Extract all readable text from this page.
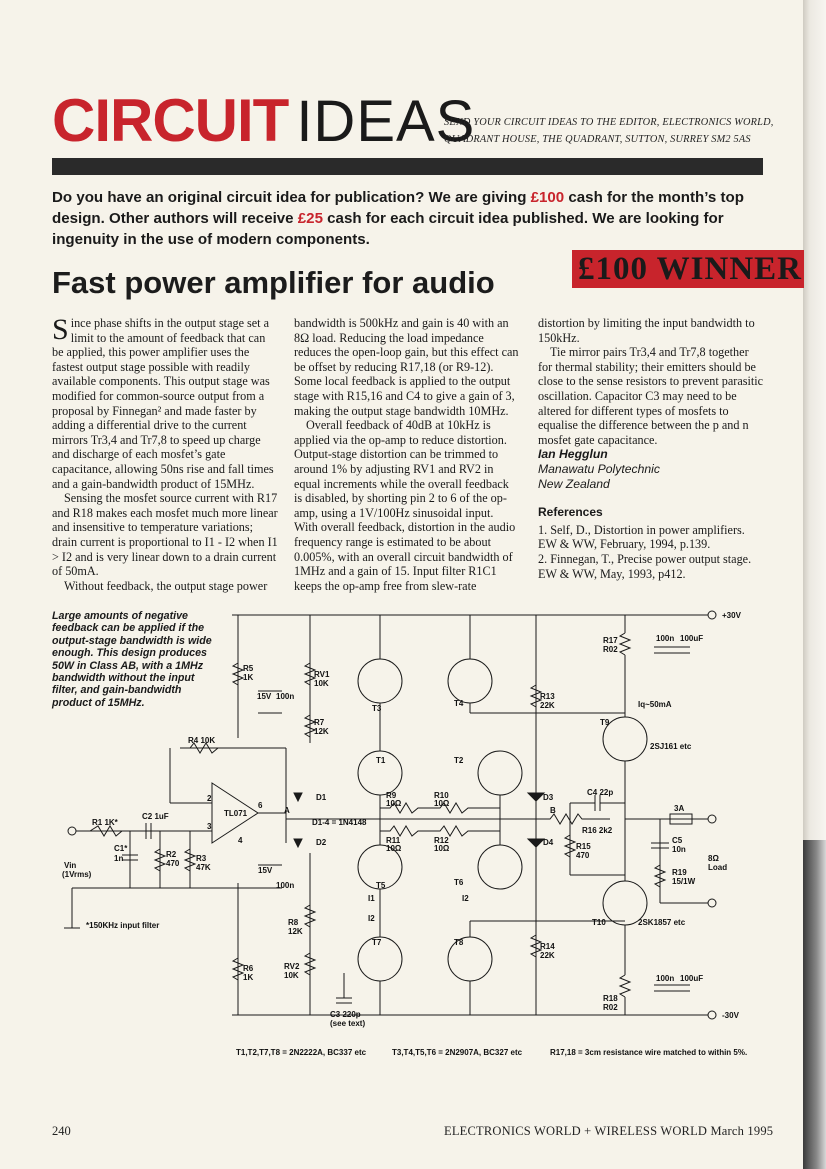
CIRCUIT IDEAS
SEND YOUR CIRCUIT IDEAS TO THE EDITOR, ELECTRONICS WORLD,
QUADRANT HOUSE, THE QUADRANT, SUTTON, SURREY SM2 5AS
Do you have an original circuit idea for publication? We are giving £100 cash for the month’s top design. Other authors will receive £25 cash for each circuit idea published. We are looking for ingenuity in the use of modern components.
£100 WINNER
Fast power amplifier for audio

Since phase shifts in the output stage set a limit to the amount of feedback that can be applied, this power amplifier uses the fastest output stage possible with readily available components. This output stage was modified for common-source output from a proposal by Finnegan² and made faster by adding a differential drive to the current mirrors Tr3,4 and Tr7,8 to speed up charge and discharge of each mosfet’s gate capacitance, allowing 50ns rise and fall times and a gain-bandwidth product of 15MHz.

Sensing the mosfet source current with R17 and R18 makes each mosfet much more linear and insensitive to temperature variations; drain current is proportional to I1 - I2 when I1 > I2 and is very linear down to a drain current of 50mA.

Without feedback, the output stage power

bandwidth is 500kHz and gain is 40 with an 8Ω load. Reducing the load impedance reduces the open-loop gain, but this effect can be offset by reducing R17,18 (or R9-12). Some local feedback is applied to the output stage with R15,16 and C4 to give a gain of 3, making the output stage bandwidth 10MHz.

Overall feedback of 40dB at 10kHz is applied via the op-amp to reduce distortion. Output-stage distortion can be trimmed to around 1% by adjusting RV1 and RV2 in equal increments while the overall feedback is disabled, by shorting pin 2 to 6 of the op-amp, using a 1V/100Hz sinusoidal input. With overall feedback, distortion in the audio frequency range is estimated to be about 0.005%, with an overall circuit bandwidth of 1MHz and a gain of 15. Input filter R1C1 keeps the op-amp free from slew-rate

distortion by limiting the input bandwidth to 150kHz.

Tie mirror pairs Tr3,4 and Tr7,8 together for thermal stability; their emitters should be close to the sense resistors to prevent parasitic oscillation. Capacitor C3 may need to be altered for different types of mosfets to equalise the difference between the p and n mosfet gate capacitance.

Ian Hegglun
Manawatu Polytechnic
New Zealand
References
1. Self, D., Distortion in power amplifiers. EW & WW, February, 1994, p.139.
2. Finnegan, T., Precise power output stage. EW & WW, May, 1993, p412.
+30V
-30V
R17
R02
100n 100uF
R5
1K	RV1
10K
15V 100n
R7
12K
T3
T4
R13
22K	Iq~50mA
T9
2SJ161 etc
R4 10K
T1	T2
D1	D3
C4 22p
R9
10Ω
R10
10Ω
A	B	3A
D1-4 = 1N4148
R16 2k2
C5
10n
8Ω
Load
TL071
2
3
4
6
R1 1K*
C2 1uF
D2	D4
R11
10Ω
R12
10Ω	R15
470
R19
15/1W
Vin
(1Vrms)
C1*
1n	R2
470
R3
47K	15V
100n	T5	T6
I1	I2
I2	T10	2SK1857 etc
*150KHz input filter	R8
12K
T7	T8	R14
22K
R6
1K
RV2
10K
R18
R02
100n 100uF
C3 220p
(see text)
T1,T2,T7,T8 = 2N2222A, BC337 etc	T3,T4,T5,T6 = 2N2907A, BC327 etc	R17,18 = 3cm resistance wire matched to within 5%.
Large amounts of negative feedback can be applied if the output-stage bandwidth is wide enough. This design produces 50W in Class AB, with a 1MHz bandwidth without the input filter, and gain-bandwidth product of 15MHz.
240	ELECTRONICS WORLD + WIRELESS WORLD March 1995
